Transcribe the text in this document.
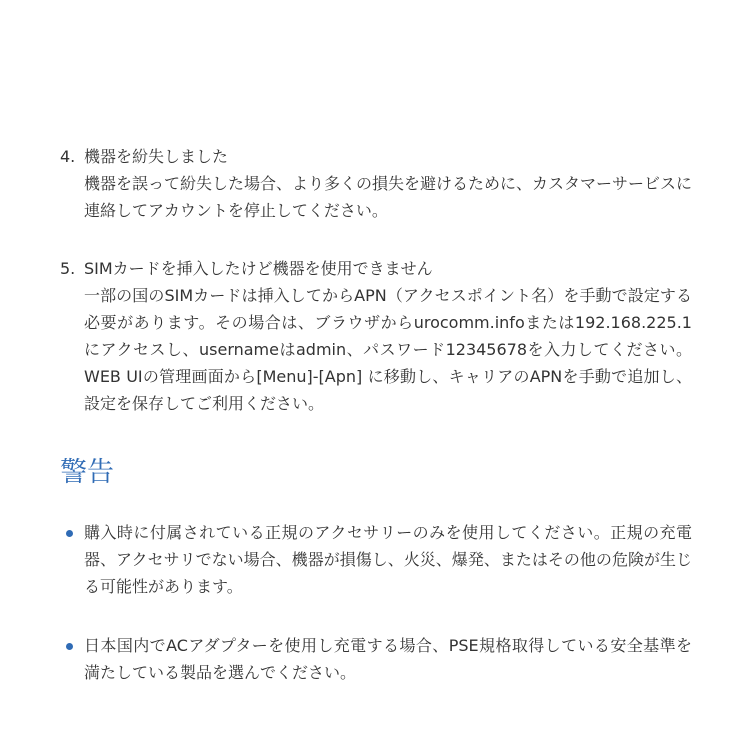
4. 機器を紛失しました
機器を誤って紛失した場合、より多くの損失を避けるために、カスタマーサービスに連絡してアカウントを停止してください。
5. SIMカードを挿入したけど機器を使用できません
一部の国のSIMカードは挿入してからAPN（アクセスポイント名）を手動で設定する必要があります。その場合は、ブラウザからurocomm.infoまたは192.168.225.1にアクセスし、usernameはadmin、パスワード12345678を入力してください。WEB UIの管理画面から[Menu]-[Apn] に移動し、キャリアのAPNを手動で追加し、設定を保存してご利用ください。
警告
購入時に付属されている正規のアクセサリーのみを使用してください。正規の充電器、アクセサリでない場合、機器が損傷し、火災、爆発、またはその他の危険が生じる可能性があります。
日本国内でACアダプターを使用し充電する場合、PSE規格取得している安全基準を満たしている製品を選んでください。
